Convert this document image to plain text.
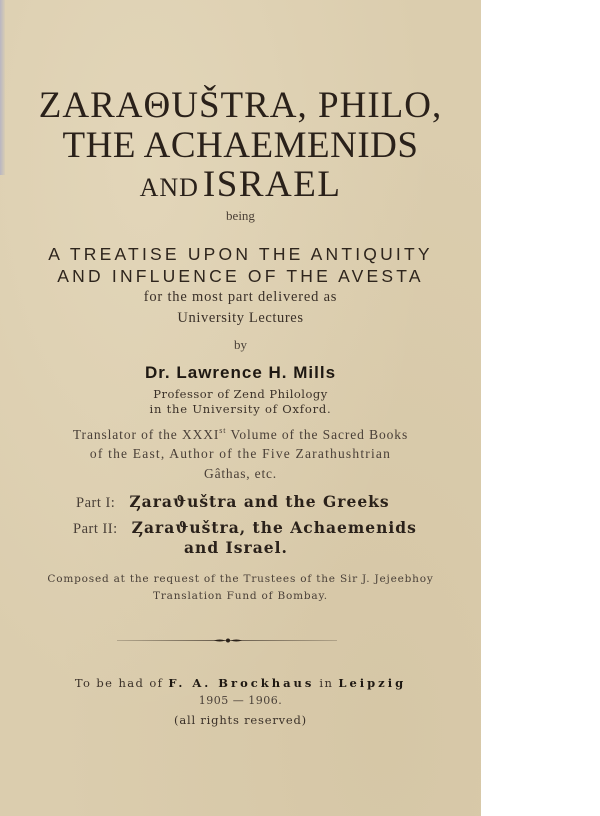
ZARAΘUŠTRA, PHILO,
THE ACHAEMENIDS
AND ISRAEL
being
A TREATISE UPON THE ANTIQUITY
AND INFLUENCE OF THE AVESTA
for the most part delivered as
University Lectures
by
Dr. Lawrence H. Mills
Professor of Zend Philology
in the University of Oxford.
Translator of the XXXIst Volume of the Sacred Books
of the East, Author of the Five Zarathushtrian
Gâthas, etc.
Part I: Ȥaraϑuštra and the Greeks
Part II: Ȥaraϑuštra, the Achaemenids
and Israel.
Composed at the request of the Trustees of the Sir J. Jejeebhoy
Translation Fund of Bombay.
To be had of F. A. Brockhaus in Leipzig
1905 — 1906.
(all rights reserved)
